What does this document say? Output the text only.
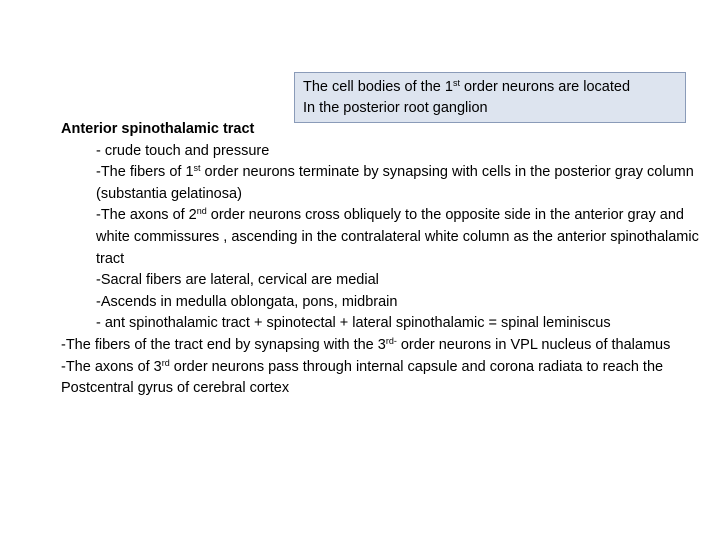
The cell bodies of the 1st order neurons are located
In the posterior root ganglion
Anterior spinothalamic tract
- crude touch and pressure
-The fibers of 1st order neurons terminate by synapsing with cells in the posterior gray column (substantia gelatinosa)
-The axons of 2nd order neurons cross obliquely to the opposite side in the anterior gray and white commissures , ascending in the contralateral white column as the anterior spinothalamic tract
-Sacral fibers are lateral, cervical are medial
-Ascends in medulla oblongata, pons, midbrain
- ant spinothalamic tract + spinotectal + lateral spinothalamic = spinal leminiscus
-The fibers of the tract end by synapsing with the $3^{rd-}$ order neurons in VPL nucleus of thalamus
-The axons of 3rd order neurons pass through internal capsule and corona radiata to reach the Postcentral gyrus of cerebral cortex
